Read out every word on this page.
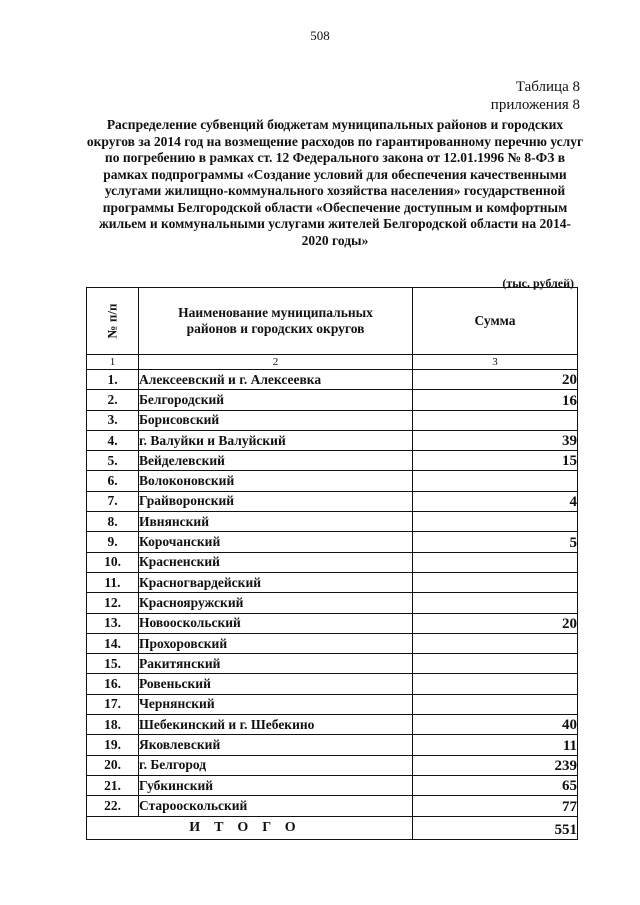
508
Таблица 8
приложения 8
Распределение субвенций бюджетам муниципальных районов и городских округов за 2014 год на возмещение расходов по гарантированному перечню услуг по погребению в рамках ст. 12 Федерального закона от 12.01.1996 № 8-ФЗ в рамках подпрограммы «Создание условий для обеспечения качественными услугами жилищно-коммунального хозяйства населения» государственной программы Белгородской области «Обеспечение доступным и комфортным жильем и коммунальными услугами жителей Белгородской области на 2014-2020 годы»
(тыс. рублей)
№ п/п	Наименование муниципальных районов и городских округов	Сумма
1	2	3
1.	Алексеевский и г. Алексеевка	20
2.	Белгородский	16
3.	Борисовский	
4.	г. Валуйки и Валуйский	39
5.	Вейделевский	15
6.	Волоконовский	
7.	Грайворонский	4
8.	Ивнянский	
9.	Корочанский	5
10.	Красненский	
11.	Красногвардейский	
12.	Краснояружский	
13.	Новооскольский	20
14.	Прохоровский	
15.	Ракитянский	
16.	Ровеньский	
17.	Чернянский	
18.	Шебекинский и г. Шебекино	40
19.	Яковлевский	11
20.	г. Белгород	239
21.	Губкинский	65
22.	Старооскольский	77
ИТОГО		551
